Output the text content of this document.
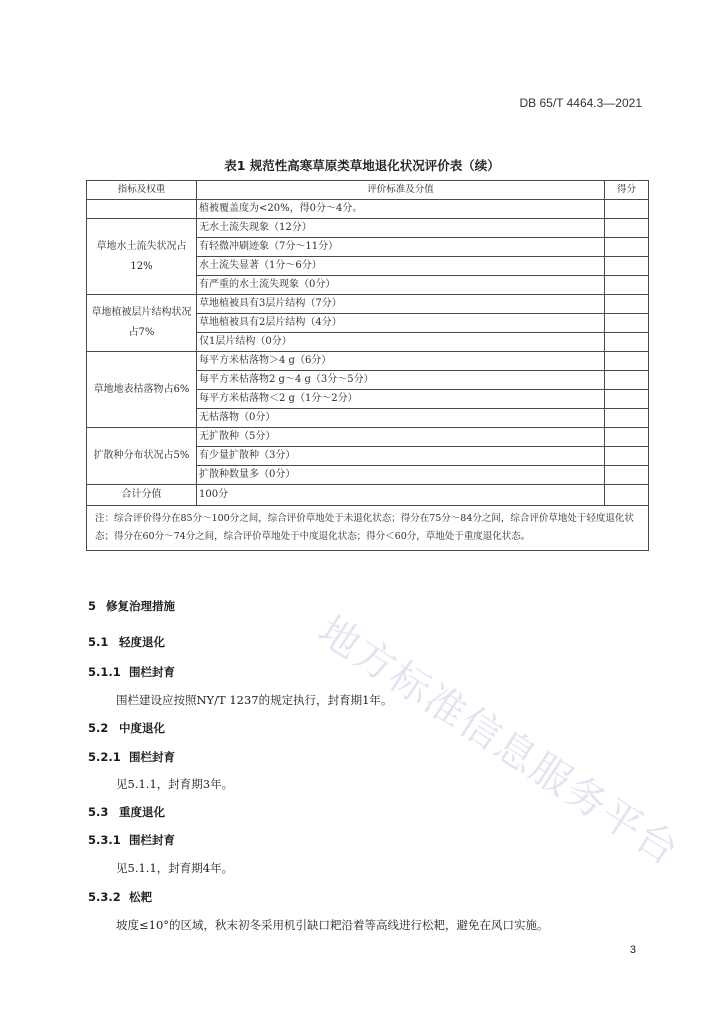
DB 65/T 4464.3—2021
表1 规范性高寒草原类草地退化状况评价表（续）
指标及权重	评价标准及分值	得分
	植被覆盖度为<20%，得0分～4分。	
草地水土流失状况占12%	无水土流失现象（12分）	
	有轻微冲刷迹象（7分～11分）	
	水土流失显著（1分～6分）	
	有严重的水土流失现象（0分）	
草地植被层片结构状况占7%	草地植被具有3层片结构（7分）	
	草地植被具有2层片结构（4分）	
	仅1层片结构（0分）	
草地地表枯落物占6%	每平方米枯落物＞4 g（6分）	
	每平方米枯落物2 g～4 g（3分～5分）	
	每平方米枯落物＜2 g（1分～2分）	
	无枯落物（0分）	
扩散种分布状况占5%	无扩散种（5分）	
	有少量扩散种（3分）	
	扩散种数量多（0分）	
合计分值	100分	
注：综合评价得分在85分～100分之间，综合评价草地处于未退化状态；得分在75分～84分之间，综合评价草地处于轻度退化状态；得分在60分～74分之间，综合评价草地处于中度退化状态；得分＜60分，草地处于重度退化状态。		
5 修复治理措施
5.1 轻度退化
5.1.1 围栏封育
围栏建设应按照NY/T 1237的规定执行，封育期1年。
5.2 中度退化
5.2.1 围栏封育
见5.1.1，封育期3年。
5.3 重度退化
5.3.1 围栏封育
见5.1.1，封育期4年。
5.3.2 松耙
坡度≤10°的区域，秋末初冬采用机引缺口耙沿着等高线进行松耙，避免在风口实施。
3
地方标准信息服务平台
